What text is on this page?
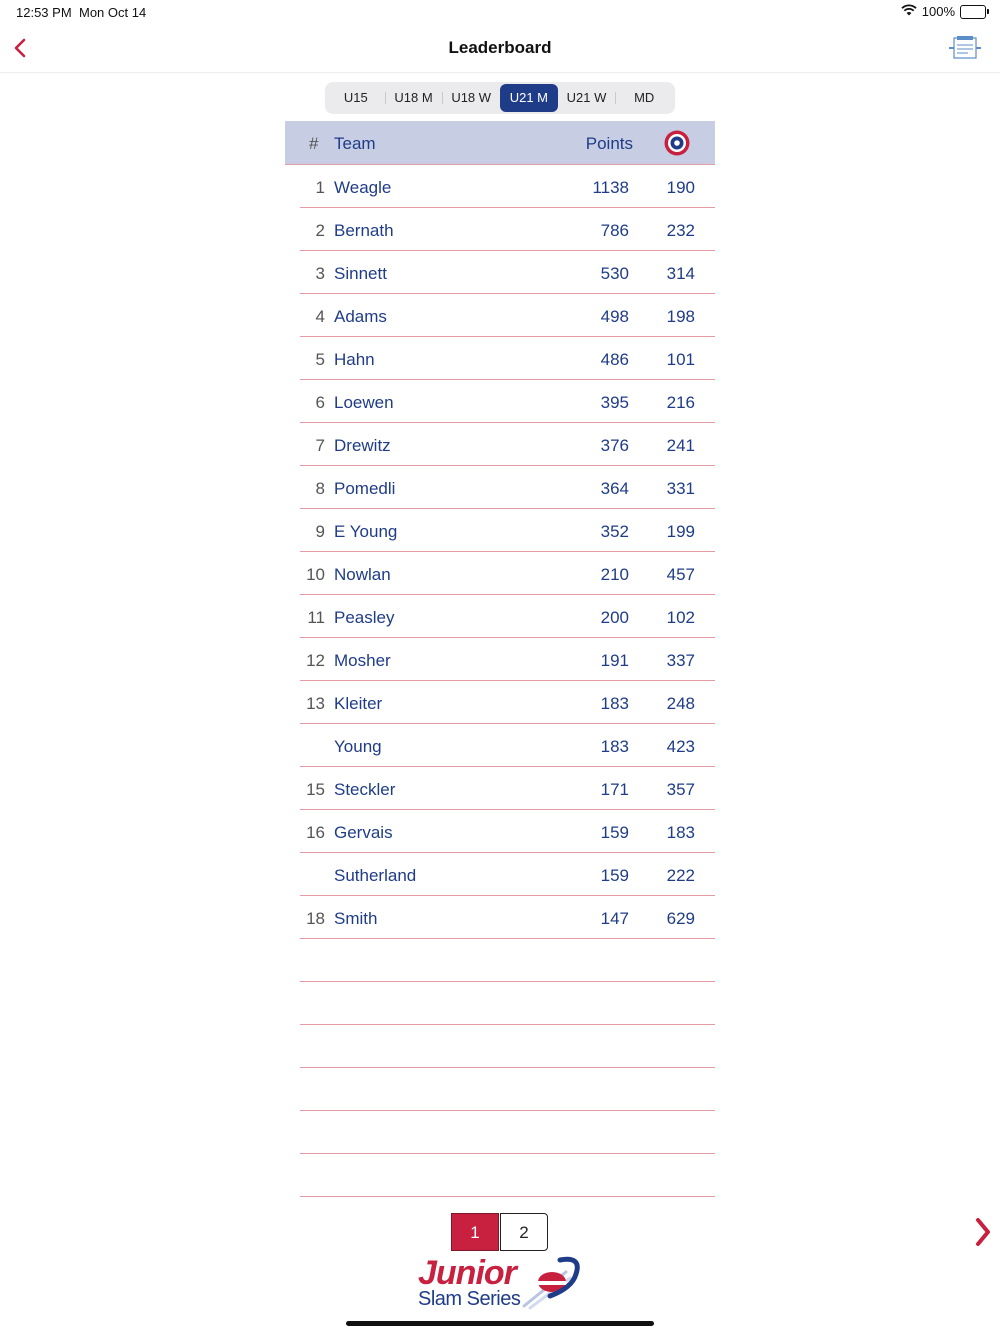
12:53 PM Mon Oct 14	100%
Leaderboard
U15	U18 M	U18 W	U21 M	U21 W	MD
# Team	Points
1 Weagle	1138 190
2 Bernath	786 232
3 Sinnett	530 314
4 Adams	498 198
5 Hahn	486 101
6 Loewen	395 216
7 Drewitz	376 241
8 Pomedli	364 331
9 E Young	352 199
10 Nowlan	210 457
11 Peasley	200 102
12 Mosher	191 337
13 Kleiter	183 248
Young	183 423
15 Steckler	171 357
16 Gervais	159 183
Sutherland	159 222
18 Smith	147 629
1	2
Junior
Slam Series
